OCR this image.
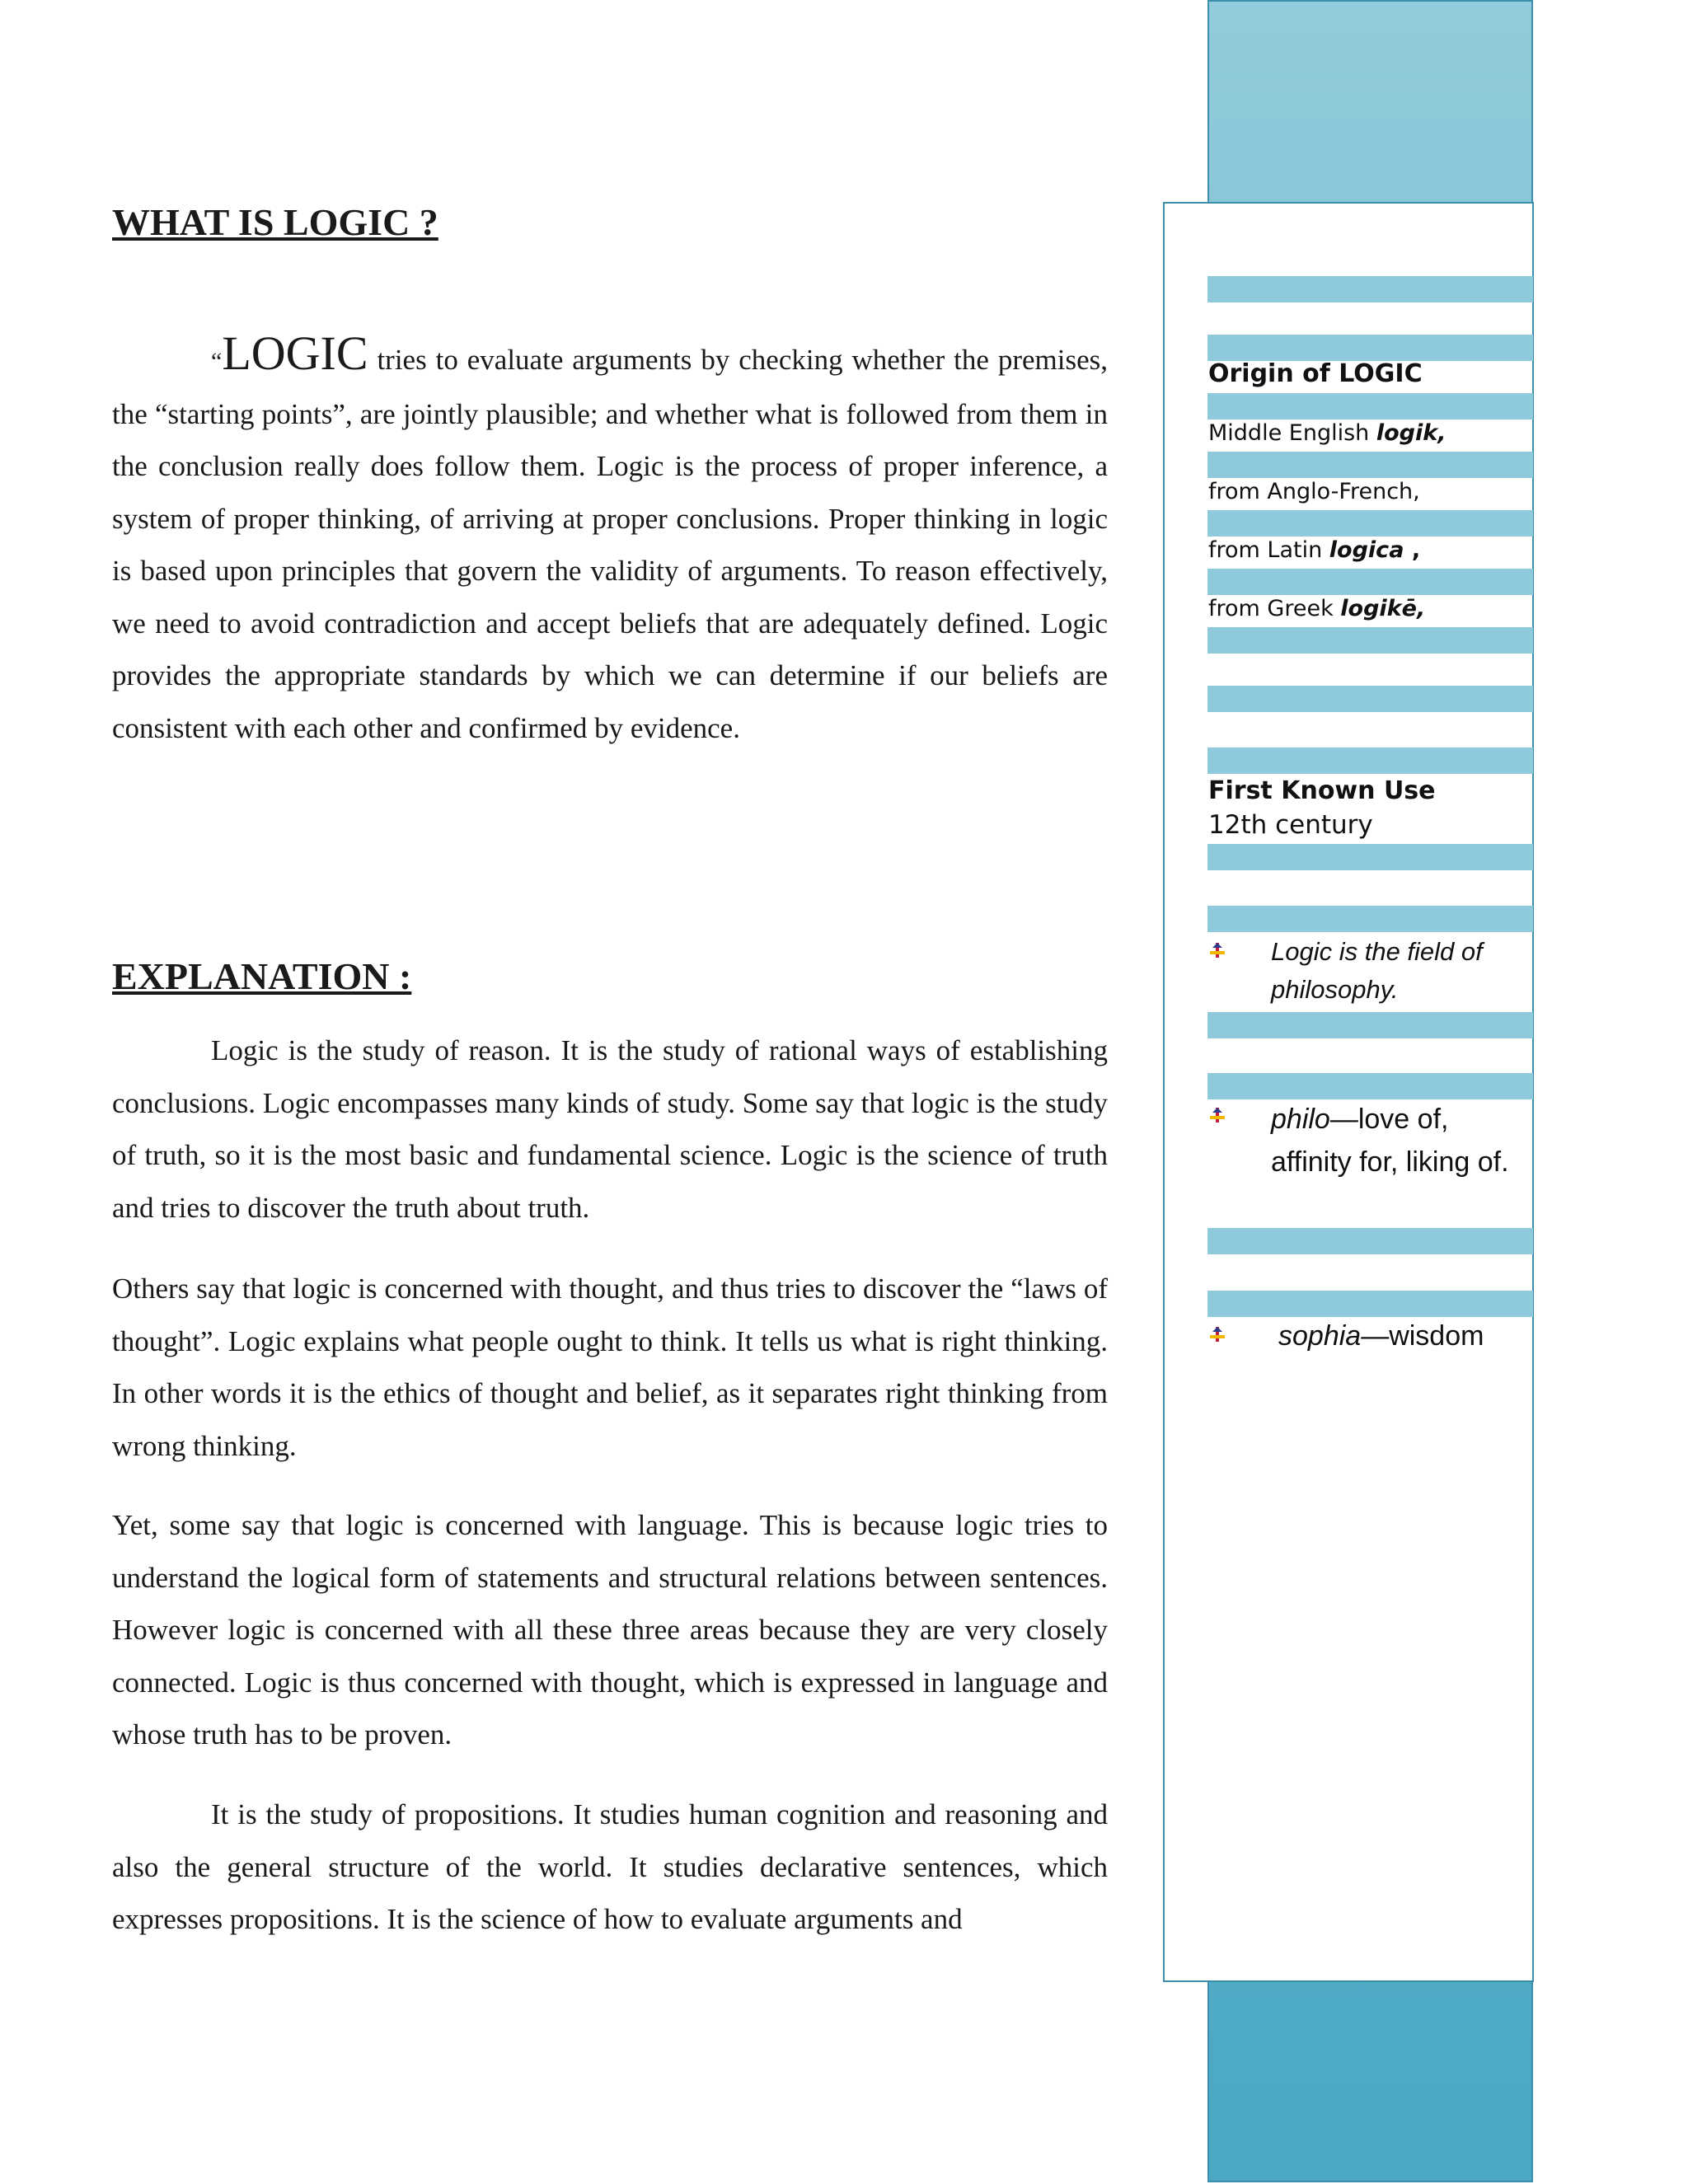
WHAT IS LOGIC ?

“LOGIC tries to evaluate arguments by checking whether the premises, the “starting points”, are jointly plausible; and whether what is followed from them in the conclusion really does follow them. Logic is the process of proper inference, a system of proper thinking, of arriving at proper conclusions. Proper thinking in logic is based upon principles that govern the validity of arguments. To reason effectively, we need to avoid contradiction and accept beliefs that are adequately defined. Logic provides the appropriate standards by which we can determine if our beliefs are consistent with each other and confirmed by evidence.

EXPLANATION :

Logic is the study of reason. It is the study of rational ways of establishing conclusions. Logic encompasses many kinds of study. Some say that logic is the study of truth, so it is the most basic and fundamental science. Logic is the science of truth and tries to discover the truth about truth.

Others say that logic is concerned with thought, and thus tries to discover the “laws of thought”. Logic explains what people ought to think. It tells us what is right thinking. In other words it is the ethics of thought and belief, as it separates right thinking from wrong thinking.

Yet, some say that logic is concerned with language. This is because logic tries to understand the logical form of statements and structural relations between sentences. However logic is concerned with all these three areas because they are very closely connected. Logic is thus concerned with thought, which is expressed in language and whose truth has to be proven.

It is the study of propositions. It studies human cognition and reasoning and also the general structure of the world. It studies declarative sentences, which expresses propositions. It is the science of how to evaluate arguments and

Origin of LOGIC
Middle English logik,
from Anglo-French,
from Latin logica ,
from Greek logikē,
First Known Use
12th century
Logic is the field of philosophy.
philo—love of, affinity for, liking of.
sophia—wisdom
